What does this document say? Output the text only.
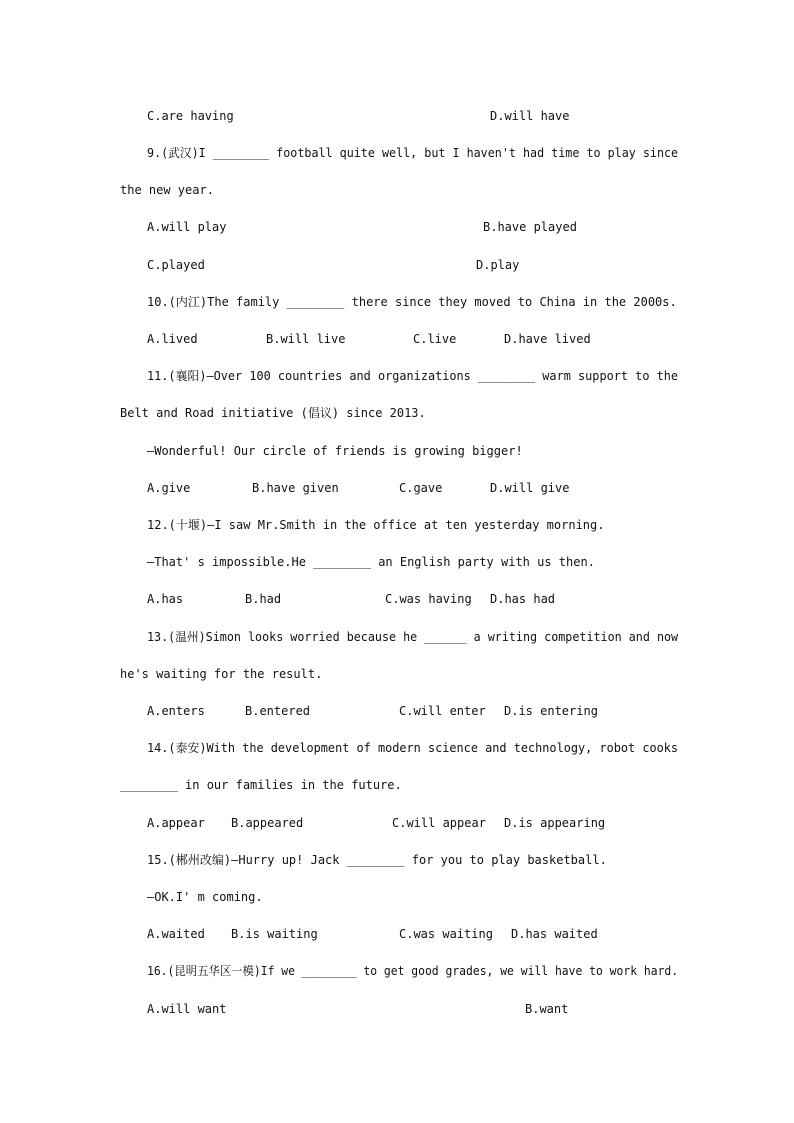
C.are having	D.will have
9.(武汉)I ________ football quite well, but I haven't had time to play since
the new year.
A.will play	B.have played
C.played	D.play
10.(内江)The family ________ there since they moved to China in the 2000s.
A.lived	B.will live	C.live	D.have lived
11.(襄阳)—Over 100 countries and organizations ________ warm support to the
Belt and Road initiative (倡议) since 2013.
—Wonderful! Our circle of friends is growing bigger!
A.give	B.have given	C.gave	D.will give
12.(十堰)—I saw Mr.Smith in the office at ten yesterday morning.
—That' s impossible.He ________ an English party with us then.
A.has	B.had	C.was having D.has had
13.(温州)Simon looks worried because he ______ a writing competition and now
he's waiting for the result.
A.enters	B.entered	C.will enter D.is entering
14.(泰安)With the development of modern science and technology, robot cooks
________ in our families in the future.
A.appear B.appeared	C.will appear D.is appearing
15.(郴州改编)—Hurry up! Jack ________ for you to play basketball.
—OK.I' m coming.
A.waited B.is waiting	C.was waiting D.has waited
16.(昆明五华区一模)If we ________ to get good grades, we will have to work hard.
A.will want	B.want
